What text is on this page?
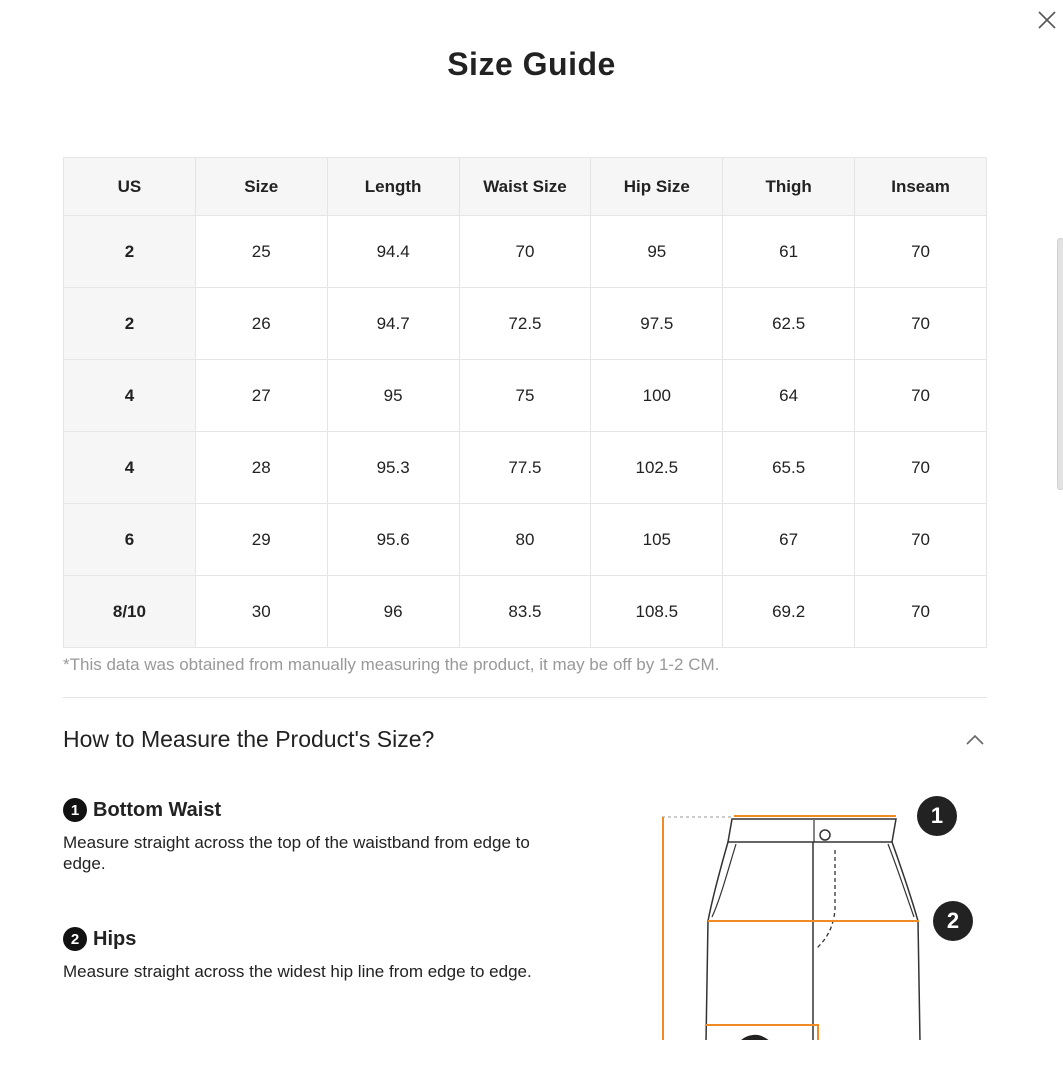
Size Guide
US	Size	Length	Waist Size	Hip Size	Thigh	Inseam
2	25	94.4	70	95	61	70
2	26	94.7	72.5	97.5	62.5	70
4	27	95	75	100	64	70
4	28	95.3	77.5	102.5	65.5	70
6	29	95.6	80	105	67	70
8/10	30	96	83.5	108.5	69.2	70
*This data was obtained from manually measuring the product, it may be off by 1-2 CM.
How to Measure the Product's Size?
1 Bottom Waist
Measure straight across the top of the waistband from edge to edge.
2 Hips
Measure straight across the widest hip line from edge to edge.
1
2
